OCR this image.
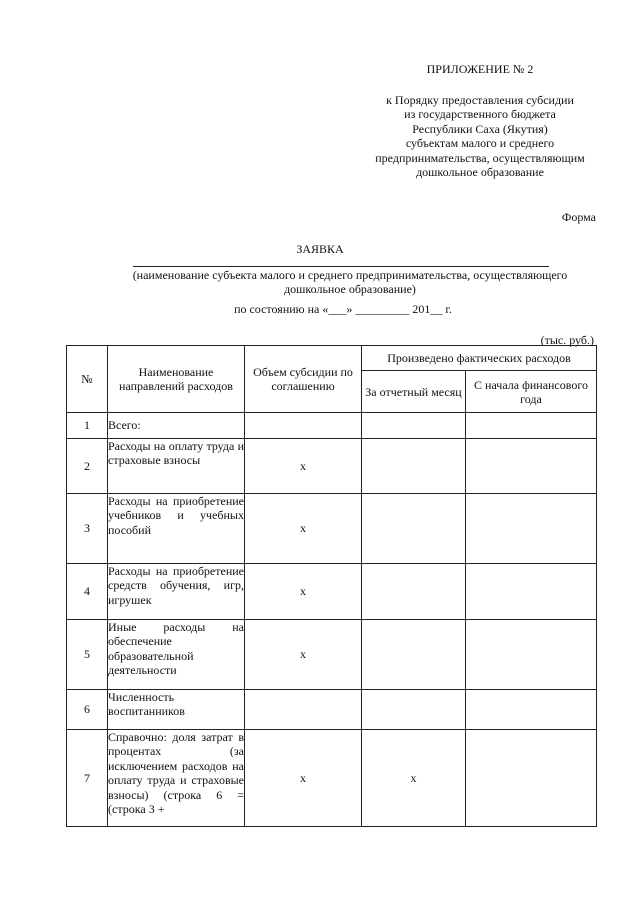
ПРИЛОЖЕНИЕ № 2
к Порядку предоставления субсидии
из государственного бюджета
Республики Саха (Якутия)
субъектам малого и среднего
предпринимательства, осуществляющим
дошкольное образование
Форма
ЗАЯВКА
(наименование субъекта малого и среднего предпринимательства, осуществляющего
дошкольное образование)
по состоянию на «___» _________ 201__ г.
(тыс. руб.)
№	Наименование направлений расходов	Объем субсидии по соглашению	Произведено фактических расходов	
			За отчетный месяц	С начала финансового года
1	Всего:			
2	Расходы на оплату труда и страховые взносы	х		
3	Расходы на приобретение учебников и учебных пособий	х		
4	Расходы на приобретение средств обучения, игр, игрушек	х		
5	Иные расходы на обеспечение образовательной деятельности	х		
6	Численность воспитанников			
7	Справочно: доля затрат в процентах (за исключением расходов на оплату труда и страховые взносы) (строка 6 = (строка 3 +	х	х	
